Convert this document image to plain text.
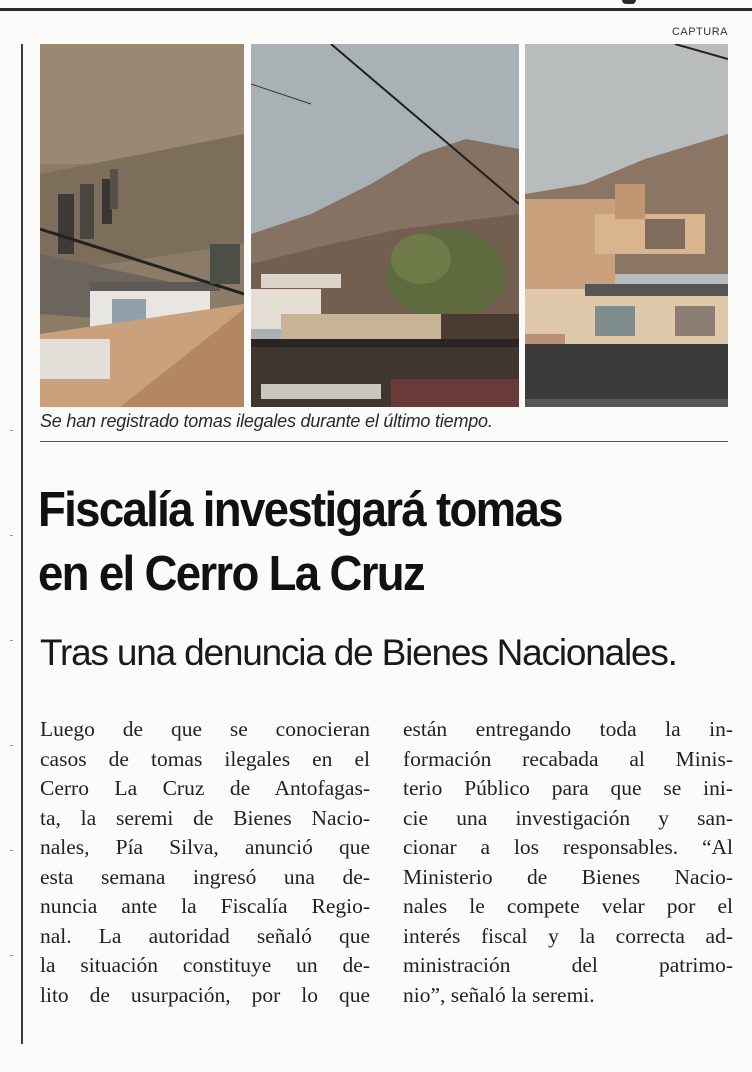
CAPTURA
Se han registrado tomas ilegales durante el último tiempo.
Fiscalía investigará tomas
en el Cerro La Cruz
Tras una denuncia de Bienes Nacionales.
Luego de que se conocieran
casos de tomas ilegales en el
Cerro La Cruz de Antofagas-
ta, la seremi de Bienes Nacio-
nales, Pía Silva, anunció que
esta semana ingresó una de-
nuncia ante la Fiscalía Regio-
nal. La autoridad señaló que
la situación constituye un de-
lito de usurpación, por lo que
están entregando toda la in-
formación recabada al Minis-
terio Público para que se ini-
cie una investigación y san-
cionar a los responsables. “Al
Ministerio de Bienes Nacio-
nales le compete velar por el
interés fiscal y la correcta ad-
ministración del patrimo-
nio”, señaló la seremi.
